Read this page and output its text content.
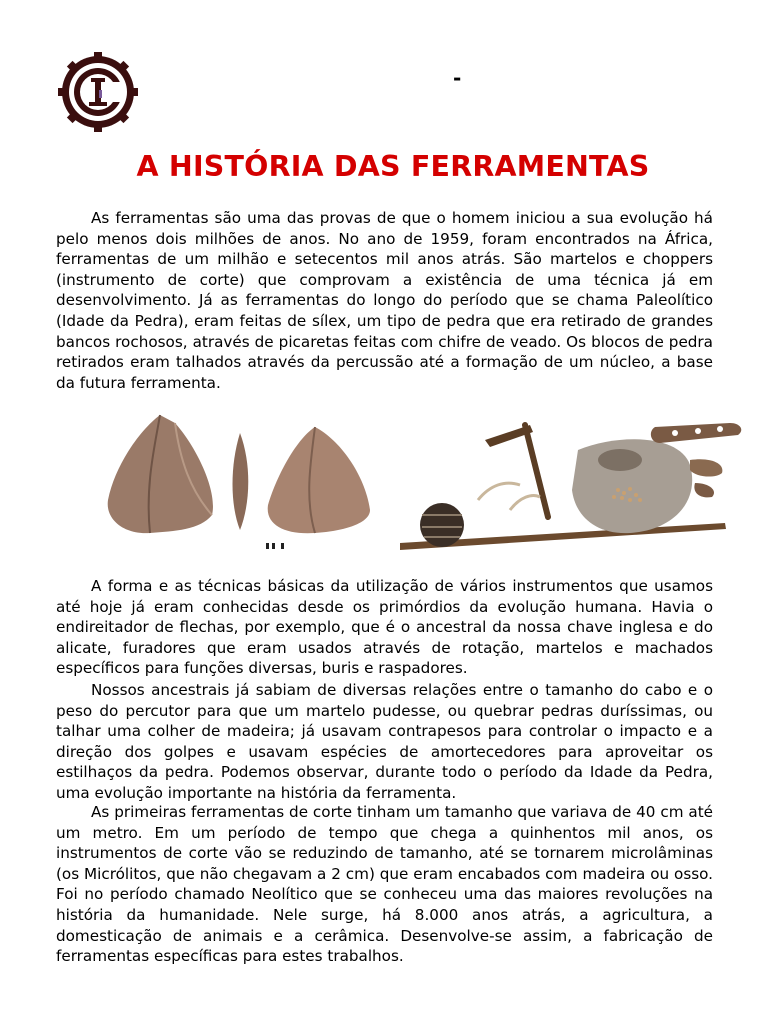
-
A HISTÓRIA DAS FERRAMENTAS

As ferramentas são uma das provas de que o homem iniciou a sua evolução há pelo menos dois milhões de anos. No ano de 1959, foram encontrados na África, ferramentas de um milhão e setecentos mil anos atrás. São martelos e choppers (instrumento de corte) que comprovam a existência de uma técnica já em desenvolvimento. Já as ferramentas do longo do período que se chama Paleolítico (Idade da Pedra), eram feitas de sílex, um tipo de pedra que era retirado de grandes bancos rochosos, através de picaretas feitas com chifre de veado. Os blocos de pedra retirados eram talhados através da percussão até a formação de um núcleo, a base da futura ferramenta.

A forma e as técnicas básicas da utilização de vários instrumentos que usamos até hoje já eram conhecidas desde os primórdios da evolução humana. Havia o endireitador de flechas, por exemplo, que é o ancestral da nossa chave inglesa e do alicate, furadores que eram usados através de rotação, martelos e machados específicos para funções diversas, buris e raspadores.

Nossos ancestrais já sabiam de diversas relações entre o tamanho do cabo e o peso do percutor para que um martelo pudesse, ou quebrar pedras duríssimas, ou talhar uma colher de madeira; já usavam contrapesos para controlar o impacto e a direção dos golpes e usavam espécies de amortecedores para aproveitar os estilhaços da pedra. Podemos observar, durante todo o período da Idade da Pedra, uma evolução importante na história da ferramenta.

As primeiras ferramentas de corte tinham um tamanho que variava de 40 cm até um metro. Em um período de tempo que chega a quinhentos mil anos, os instrumentos de corte vão se reduzindo de tamanho, até se tornarem microlâminas (os Micrólitos, que não chegavam a 2 cm) que eram encabados com madeira ou osso. Foi no período chamado Neolítico que se conheceu uma das maiores revoluções na história da humanidade. Nele surge, há 8.000 anos atrás, a agricultura, a domesticação de animais e a cerâmica. Desenvolve-se assim, a fabricação de ferramentas específicas para estes trabalhos.
